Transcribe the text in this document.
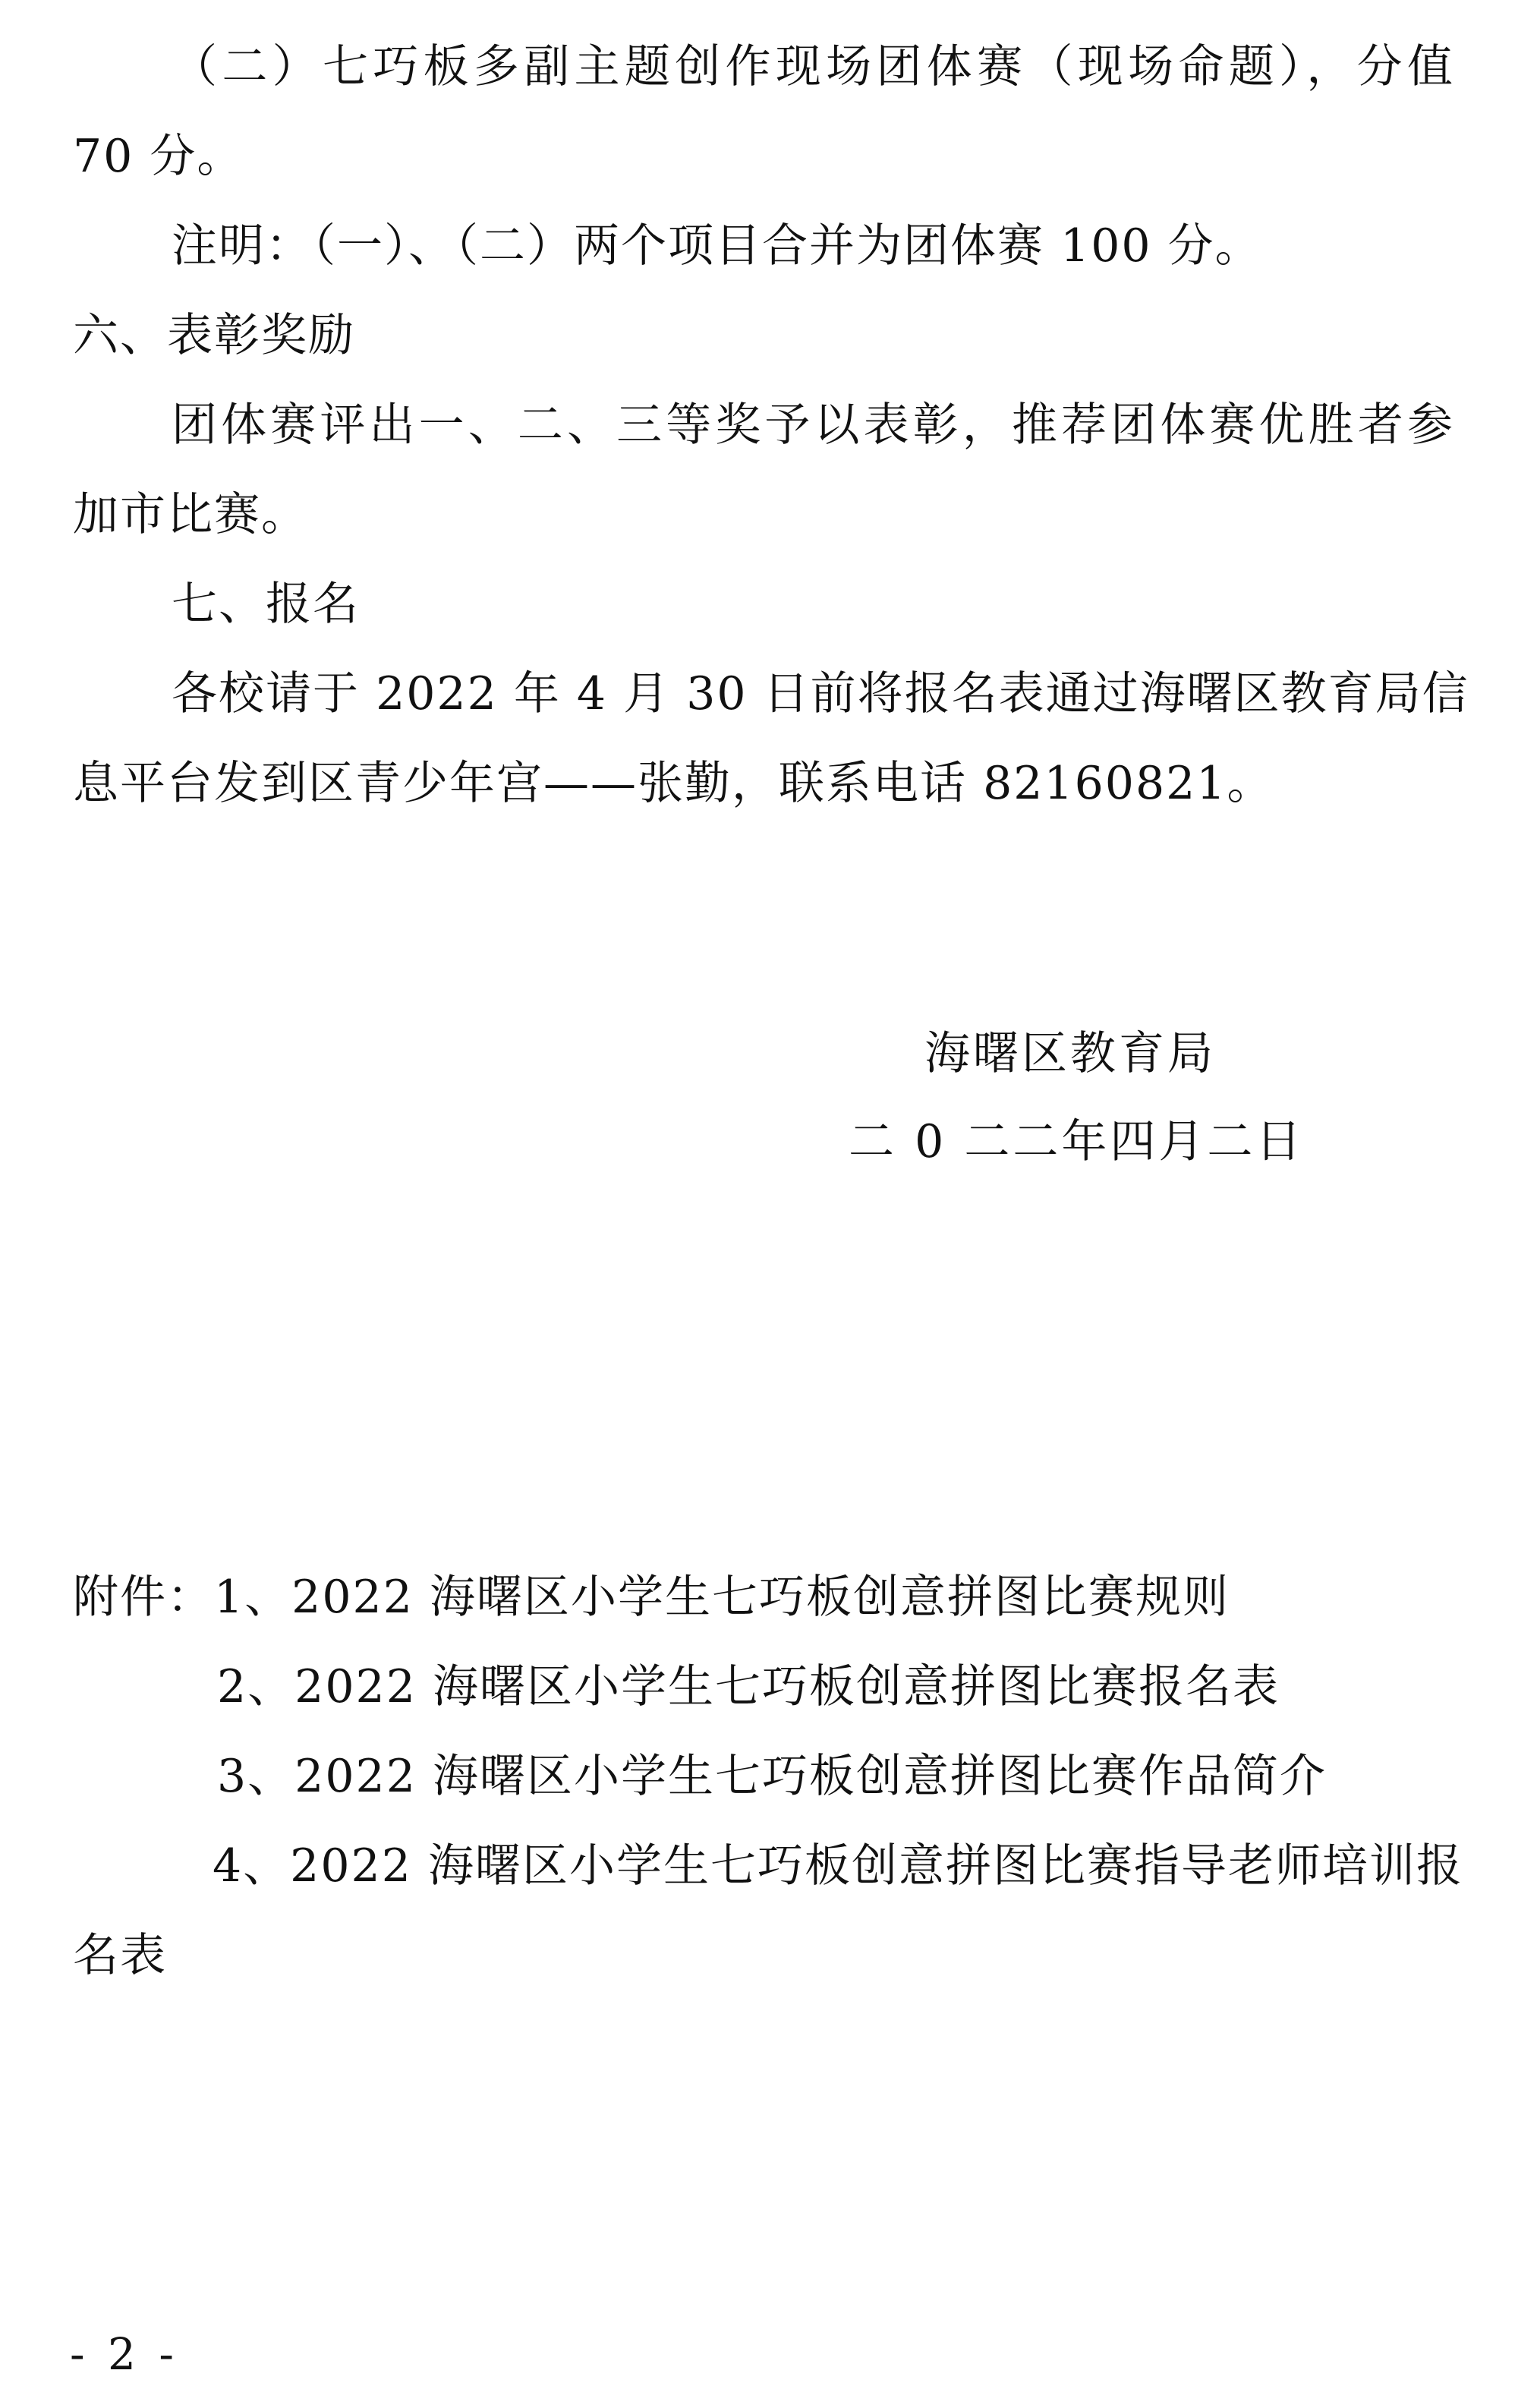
（二）七巧板多副主题创作现场团体赛（现场命题），分值
70 分。
注明：（一）、（二）两个项目合并为团体赛 100 分。
六、表彰奖励
团体赛评出一、二、三等奖予以表彰，推荐团体赛优胜者参
加市比赛。
七、报名
各校请于 2022 年 4 月 30 日前将报名表通过海曙区教育局信
息平台发到区青少年宫——张勤，联系电话 82160821。
海曙区教育局
二 0 二二年四月二日
附件：1、2022 海曙区小学生七巧板创意拼图比赛规则
2、2022 海曙区小学生七巧板创意拼图比赛报名表
3、2022 海曙区小学生七巧板创意拼图比赛作品简介
4、2022 海曙区小学生七巧板创意拼图比赛指导老师培训报
名表
- 2 -
